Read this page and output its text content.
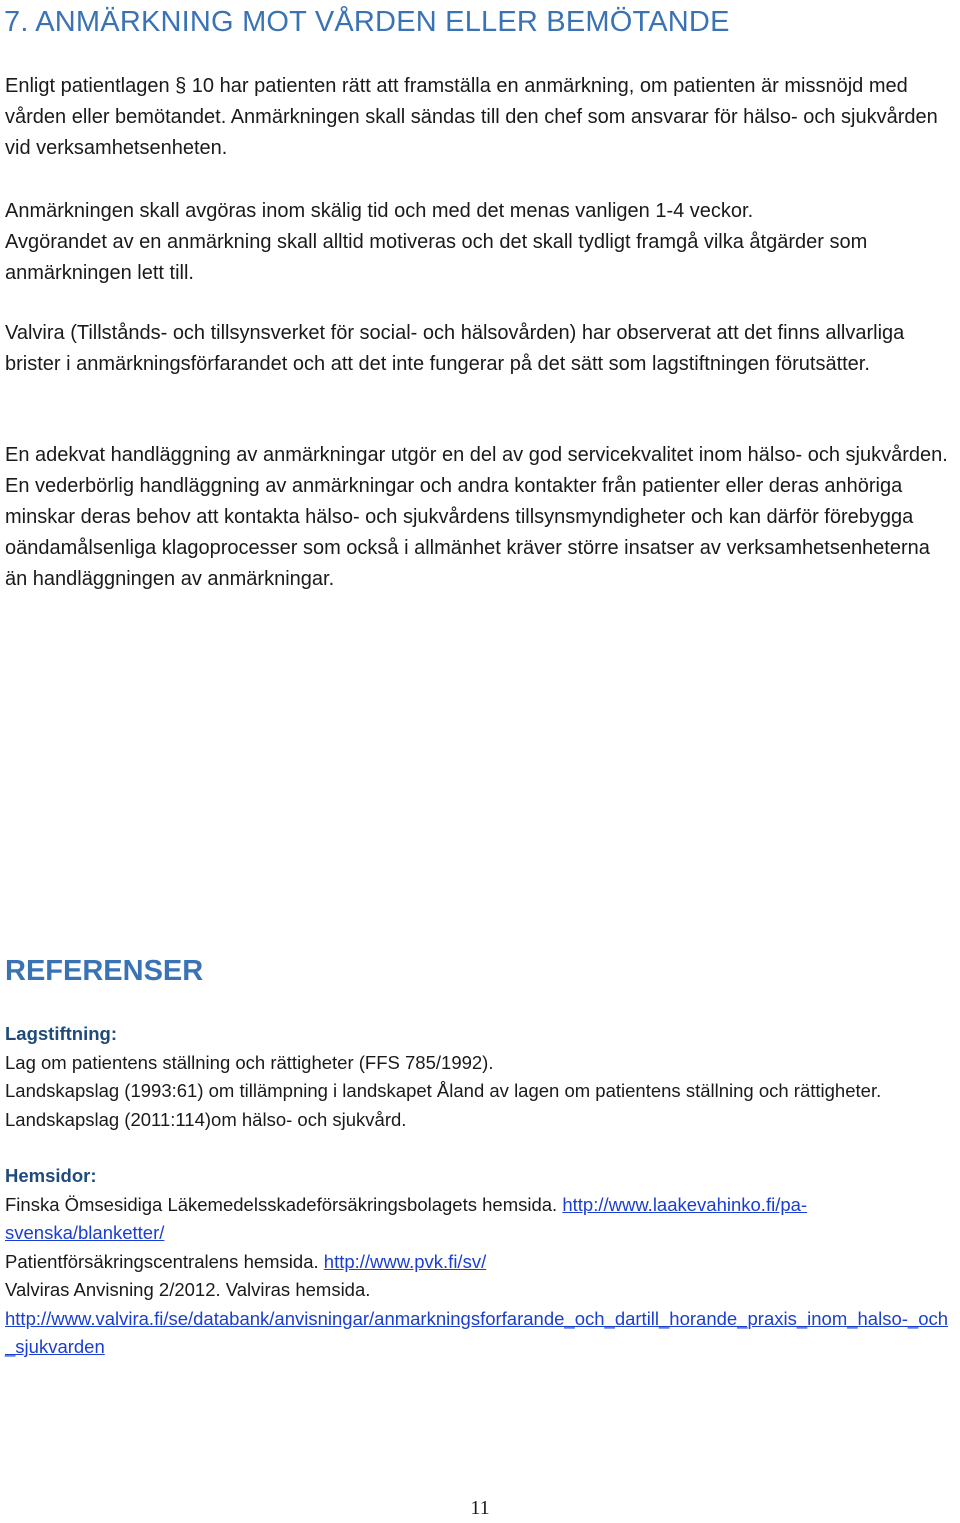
7. ANMÄRKNING MOT VÅRDEN ELLER BEMÖTANDE

Enligt patientlagen § 10 har patienten rätt att framställa en anmärkning, om patienten är missnöjd med vården eller bemötandet. Anmärkningen skall sändas till den chef som ansvarar för hälso- och sjukvården vid verksamhetsenheten.

Anmärkningen skall avgöras inom skälig tid och med det menas vanligen 1-4 veckor.

Avgörandet av en anmärkning skall alltid motiveras och det skall tydligt framgå vilka åtgärder som anmärkningen lett till.

Valvira (Tillstånds- och tillsynsverket för social- och hälsovården) har observerat att det finns allvarliga brister i anmärkningsförfarandet och att det inte fungerar på det sätt som lagstiftningen förutsätter.

En adekvat handläggning av anmärkningar utgör en del av god servicekvalitet inom hälso- och sjukvården. En vederbörlig handläggning av anmärkningar och andra kontakter från patienter eller deras anhöriga minskar deras behov att kontakta hälso- och sjukvårdens tillsynsmyndigheter och kan därför förebygga oändamålsenliga klagoprocesser som också i allmänhet kräver större insatser av verksamhetsenheterna än handläggningen av anmärkningar.

REFERENSER
Lagstiftning:
Lag om patientens ställning och rättigheter (FFS 785/1992).
Landskapslag (1993:61) om tillämpning i landskapet Åland av lagen om patientens ställning och rättigheter.
Landskapslag (2011:114)om hälso- och sjukvård.
Hemsidor:
Finska Ömsesidiga Läkemedelsskadeförsäkringsbolagets hemsida. http://www.laakevahinko.fi/pa-svenska/blanketter/
Patientförsäkringscentralens hemsida. http://www.pvk.fi/sv/
Valviras Anvisning 2/2012. Valviras hemsida.
http://www.valvira.fi/se/databank/anvisningar/anmarkningsforfarande_och_dartill_horande_praxis_inom_halso-_och_sjukvarden
11
